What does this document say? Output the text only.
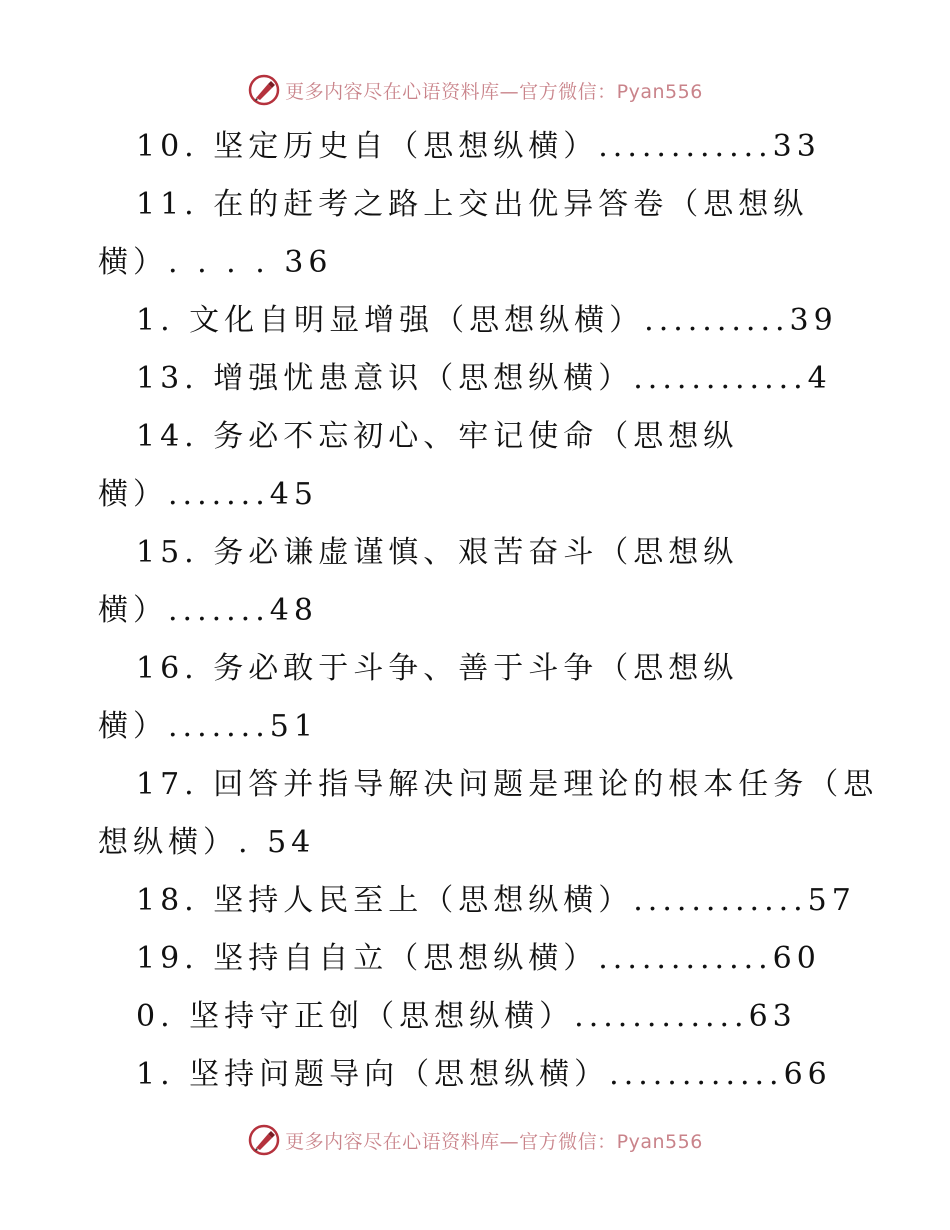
更多内容尽在心语资料库—官方微信：Pyan556
10. 坚定历史自（思想纵横）............33
11. 在的赶考之路上交出优异答卷（思想纵
横）. . . . 36
1. 文化自明显增强（思想纵横）..........39
13. 增强忧患意识（思想纵横）............4
14. 务必不忘初心、牢记使命（思想纵
横）.......45
15. 务必谦虚谨慎、艰苦奋斗（思想纵
横）.......48
16. 务必敢于斗争、善于斗争（思想纵
横）.......51
17. 回答并指导解决问题是理论的根本任务（思
想纵横）. 54
18. 坚持人民至上（思想纵横）............57
19. 坚持自自立（思想纵横）............60
0. 坚持守正创（思想纵横）............63
1. 坚持问题导向（思想纵横）............66
更多内容尽在心语资料库—官方微信：Pyan556
